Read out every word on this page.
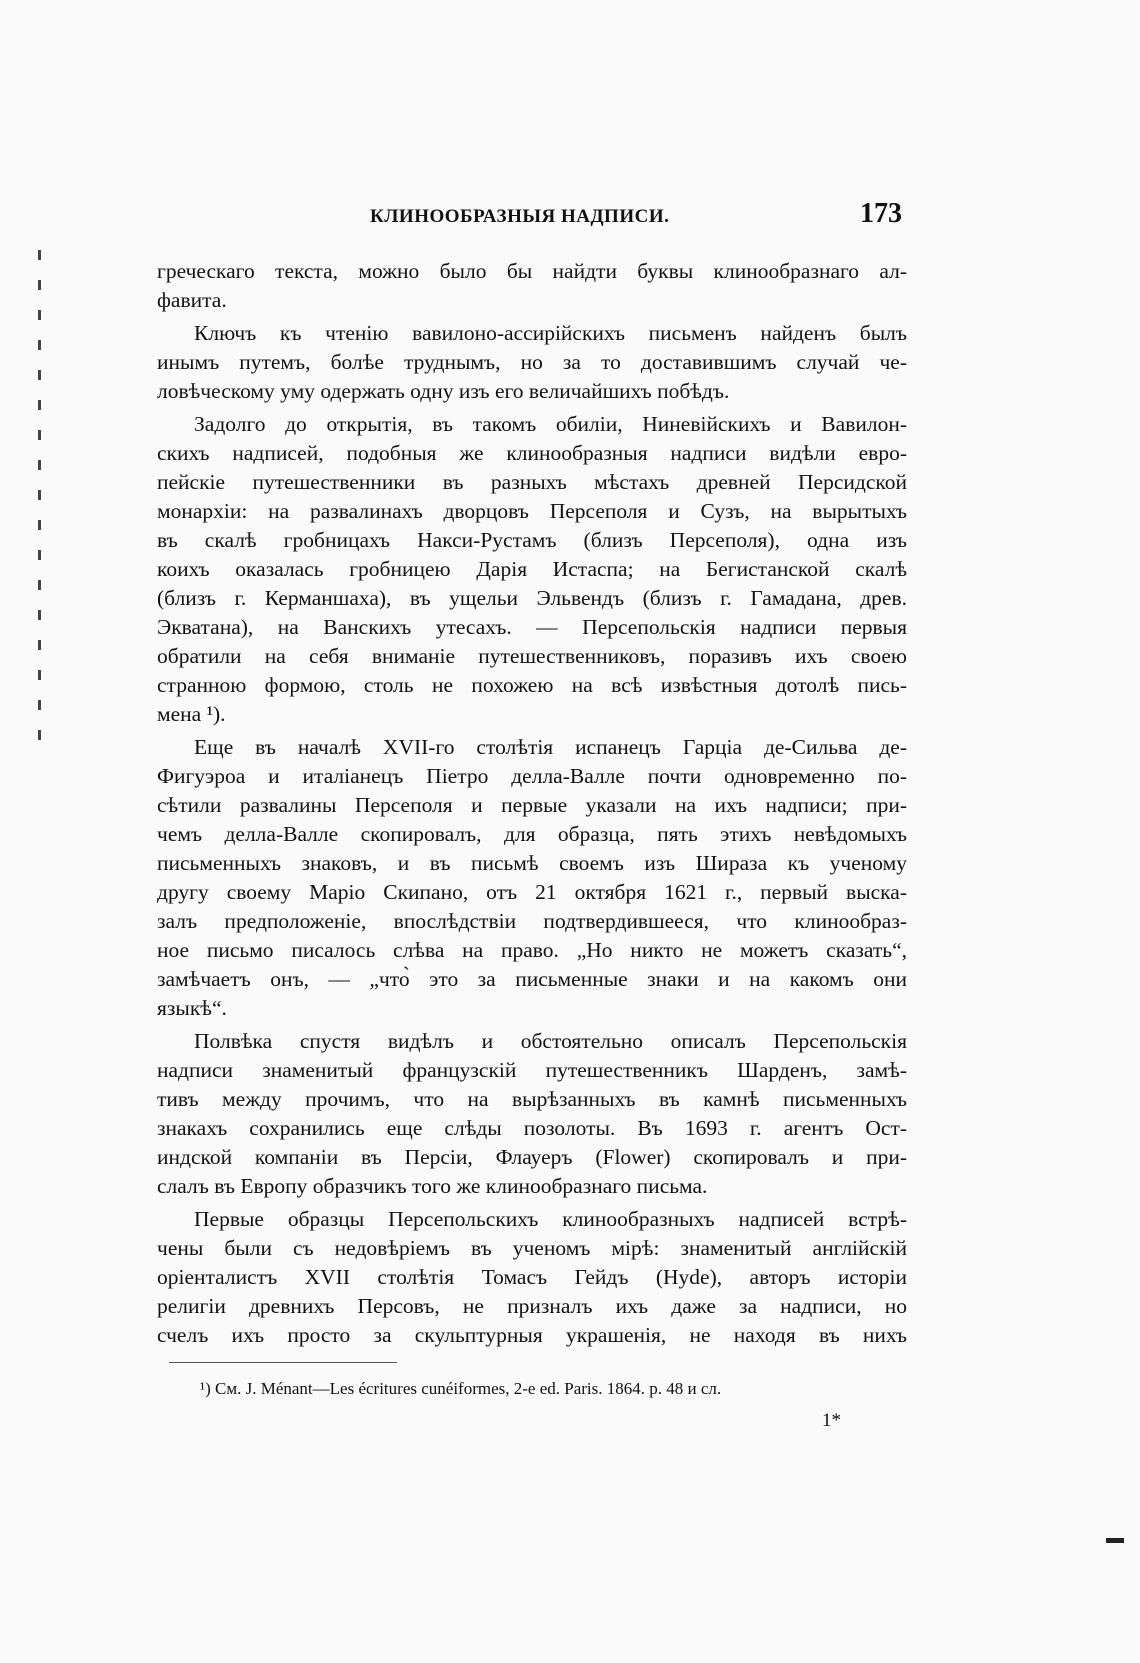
КЛИНООБРАЗНЫЯ НАДПИСИ.	173
греческаго текста, можно было бы найдти буквы клинообразнаго ал-
фавита.
Ключъ къ чтенію вавилоно-ассирійскихъ письменъ найденъ былъ
инымъ путемъ, болѣе труднымъ, но за то доставившимъ случай че-
ловѣческому уму одержать одну изъ его величайшихъ побѣдъ.
Задолго до открытія, въ такомъ обиліи, Ниневійскихъ и Вавилон-
скихъ надписей, подобныя же клинообразныя надписи видѣли евро-
пейскіе путешественники въ разныхъ мѣстахъ древней Персидской
монархіи: на развалинахъ дворцовъ Персеполя и Сузъ, на вырытыхъ
въ скалѣ гробницахъ Накси-Рустамъ (близъ Персеполя), одна изъ
коихъ оказалась гробницею Дарія Истаспа; на Бегистанской скалѣ
(близъ г. Керманшаха), въ ущельи Эльвендъ (близъ г. Гамадана, древ.
Экватана), на Ванскихъ утесахъ. — Персепольскія надписи первыя
обратили на себя вниманіе путешественниковъ, поразивъ ихъ своею
странною формою, столь не похожею на всѣ извѣстныя дотолѣ пись-
мена ¹).
Еще въ началѣ XVII-го столѣтія испанецъ Гарціа де-Сильва де-
Фигуэроа и италіанецъ Піетро делла-Валле почти одновременно по-
сѣтили развалины Персеполя и первые указали на ихъ надписи; при-
чемъ делла-Валле скопировалъ, для образца, пять этихъ невѣдомыхъ
письменныхъ знаковъ, и въ письмѣ своемъ изъ Шираза къ ученому
другу своему Маріо Скипано, отъ 21 октября 1621 г., первый выска-
залъ предположеніе, впослѣдствіи подтвердившееся, что клинообраз-
ное письмо писалось слѣва на право. „Но никто не можетъ сказать“,
замѣчаетъ онъ, — „что̀ это за письменные знаки и на какомъ они
языкѣ“.
Полвѣка спустя видѣлъ и обстоятельно описалъ Персепольскія
надписи знаменитый французскій путешественникъ Шарденъ, замѣ-
тивъ между прочимъ, что на вырѣзанныхъ въ камнѣ письменныхъ
знакахъ сохранились еще слѣды позолоты. Въ 1693 г. агентъ Ост-
индской компаніи въ Персіи, Флауеръ (Flower) скопировалъ и при-
слалъ въ Европу образчикъ того же клинообразнаго письма.
Первые образцы Персепольскихъ клинообразныхъ надписей встрѣ-
чены были съ недовѣріемъ въ ученомъ мірѣ: знаменитый англійскій
оріенталистъ XVII столѣтія Томасъ Гейдъ (Hyde), авторъ исторіи
религіи древнихъ Персовъ, не призналъ ихъ даже за надписи, но
счелъ ихъ просто за скульптурныя украшенія, не находя въ нихъ
¹) См. J. Ménant—Les écritures cunéiformes, 2-e ed. Paris. 1864. p. 48 и сл.
1*
